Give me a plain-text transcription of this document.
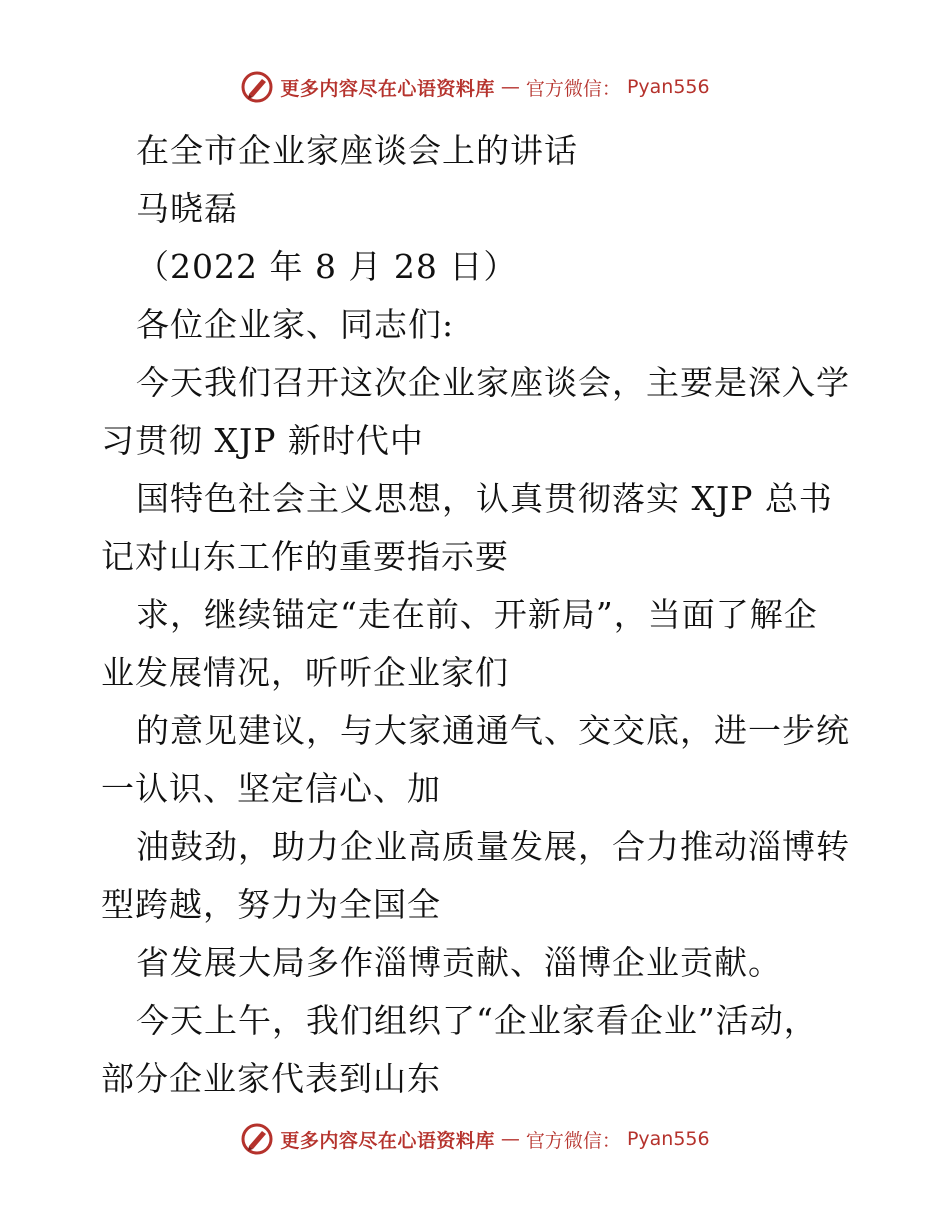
更多内容尽在心语资料库 — 官方微信： Pyan556
在全市企业家座谈会上的讲话
马晓磊
（2022 年 8 月 28 日）
各位企业家、同志们:
今天我们召开这次企业家座谈会，主要是深入学
习贯彻 XJP 新时代中
国特色社会主义思想，认真贯彻落实 XJP 总书
记对山东工作的重要指示要
求，继续锚定“走在前、开新局”，当面了解企
业发展情况，听听企业家们
的意见建议，与大家通通气、交交底，进一步统
一认识、坚定信心、加
油鼓劲，助力企业高质量发展，合力推动淄博转
型跨越，努力为全国全
省发展大局多作淄博贡献、淄博企业贡献。
今天上午，我们组织了“企业家看企业”活动，
部分企业家代表到山东
更多内容尽在心语资料库 — 官方微信： Pyan556
